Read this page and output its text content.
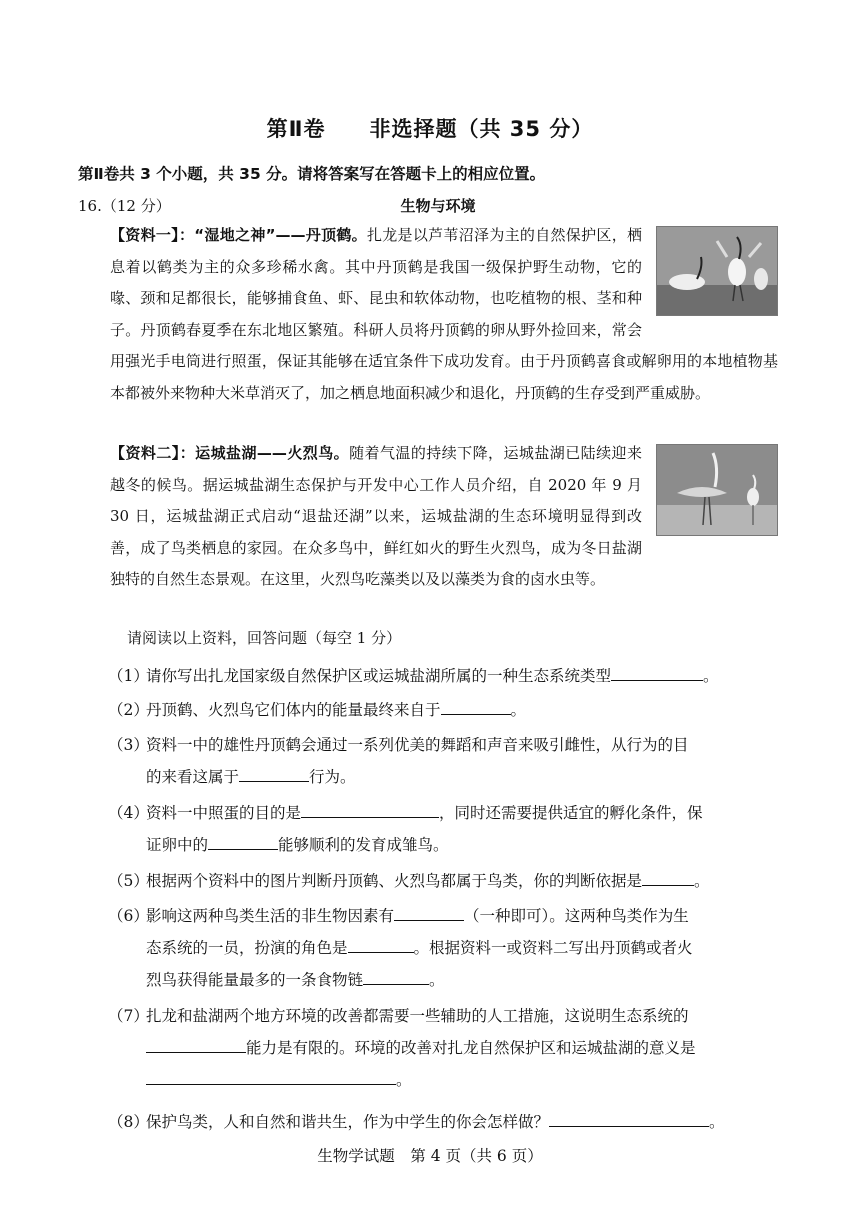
第Ⅱ卷　　非选择题（共 35 分）
第Ⅱ卷共 3 个小题，共 35 分。请将答案写在答题卡上的相应位置。
16.（12 分）	生物与环境
【资料一】：“湿地之神”——丹顶鹤。扎龙是以芦苇沼泽为主的自然保护区，栖息着以鹤类为主的众多珍稀水禽。其中丹顶鹤是我国一级保护野生动物，它的喙、颈和足都很长，能够捕食鱼、虾、昆虫和软体动物，也吃植物的根、茎和种子。丹顶鹤春夏季在东北地区繁殖。科研人员将丹顶鹤的卵从野外捡回来，常会用强光手电筒进行照蛋，保证其能够在适宜条件下成功发育。由于丹顶鹤喜食或解卵用的本地植物基本都被外来物种大米草消灭了，加之栖息地面积减少和退化，丹顶鹤的生存受到严重威胁。
【资料二】：运城盐湖——火烈鸟。随着气温的持续下降，运城盐湖已陆续迎来越冬的候鸟。据运城盐湖生态保护与开发中心工作人员介绍，自 2020 年 9 月 30 日，运城盐湖正式启动“退盐还湖”以来，运城盐湖的生态环境明显得到改善，成了鸟类栖息的家园。在众多鸟中，鲜红如火的野生火烈鸟，成为冬日盐湖独特的自然生态景观。在这里，火烈鸟吃藻类以及以藻类为食的卤水虫等。
请阅读以上资料，回答问题（每空 1 分）
（1）
请你写出扎龙国家级自然保护区或运城盐湖所属的一种生态系统类型	。
（2）
丹顶鹤、火烈鸟它们体内的能量最终来自于	。
（3）
资料一中的雄性丹顶鹤会通过一系列优美的舞蹈和声音来吸引雌性，从行为的目
的来看这属于	行为。
（4）
资料一中照蛋的目的是	，同时还需要提供适宜的孵化条件，保
证卵中的	能够顺利的发育成雏鸟。
（5）
根据两个资料中的图片判断丹顶鹤、火烈鸟都属于鸟类，你的判断依据是	。
（6）
影响这两种鸟类生活的非生物因素有	（一种即可）。这两种鸟类作为生
态系统的一员，扮演的角色是	。根据资料一或资料二写出丹顶鹤或者火
烈鸟获得能量最多的一条食物链	。
（7）
扎龙和盐湖两个地方环境的改善都需要一些辅助的人工措施，这说明生态系统的
能力是有限的。环境的改善对扎龙自然保护区和运城盐湖的意义是
。
（8）
保护鸟类，人和自然和谐共生，作为中学生的你会怎样做？	。
生物学试题　第 4 页（共 6 页）
